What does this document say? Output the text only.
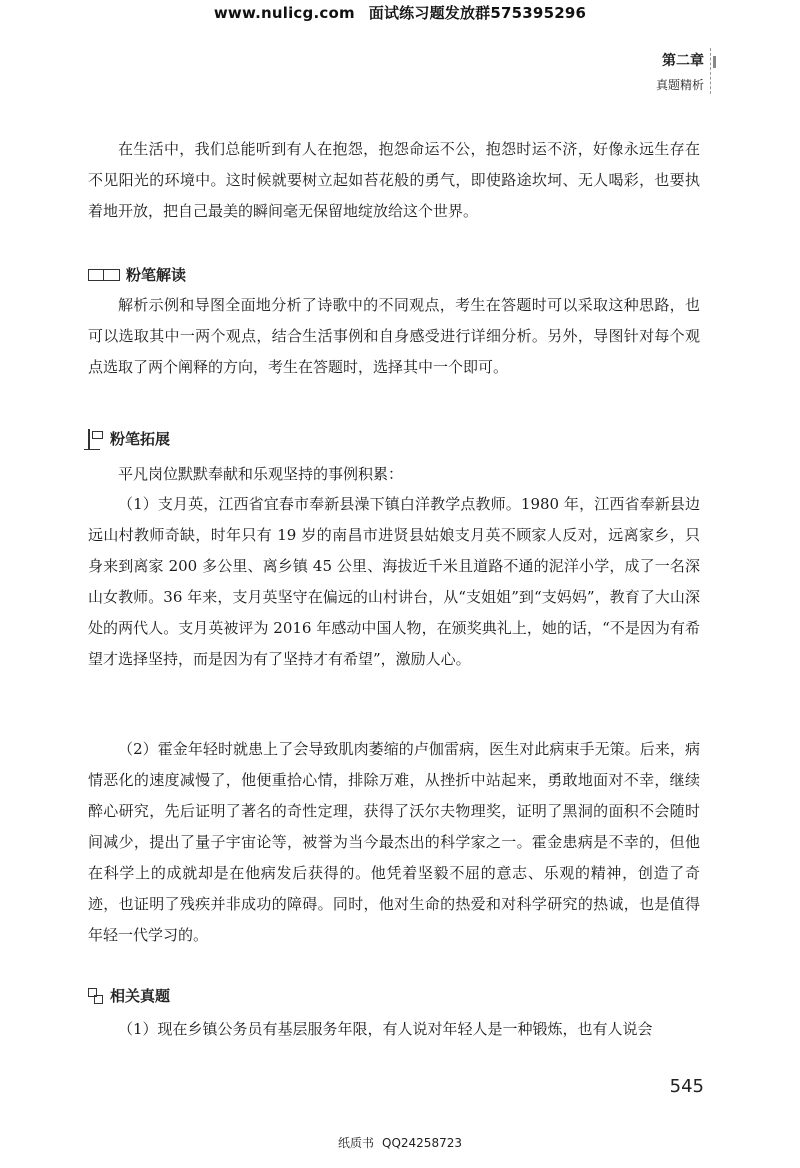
www.nulicg.com 面试练习题发放群575395296
第二章
真题精析

在生活中，我们总能听到有人在抱怨，抱怨命运不公，抱怨时运不济，好像永远生存在不见阳光的环境中。这时候就要树立起如苔花般的勇气，即使路途坎坷、无人喝彩，也要执着地开放，把自己最美的瞬间毫无保留地绽放给这个世界。

粉笔解读

解析示例和导图全面地分析了诗歌中的不同观点，考生在答题时可以采取这种思路，也可以选取其中一两个观点，结合生活事例和自身感受进行详细分析。另外，导图针对每个观点选取了两个阐释的方向，考生在答题时，选择其中一个即可。

粉笔拓展

平凡岗位默默奉献和乐观坚持的事例积累：

（1）支月英，江西省宜春市奉新县澡下镇白洋教学点教师。1980 年，江西省奉新县边远山村教师奇缺，时年只有 19 岁的南昌市进贤县姑娘支月英不顾家人反对，远离家乡，只身来到离家 200 多公里、离乡镇 45 公里、海拔近千米且道路不通的泥洋小学，成了一名深山女教师。36 年来，支月英坚守在偏远的山村讲台，从“支姐姐”到“支妈妈”，教育了大山深处的两代人。支月英被评为 2016 年感动中国人物，在颁奖典礼上，她的话，“不是因为有希望才选择坚持，而是因为有了坚持才有希望”，激励人心。

（2）霍金年轻时就患上了会导致肌肉萎缩的卢伽雷病，医生对此病束手无策。后来，病情恶化的速度减慢了，他便重拾心情，排除万难，从挫折中站起来，勇敢地面对不幸，继续醉心研究，先后证明了著名的奇性定理，获得了沃尔夫物理奖，证明了黑洞的面积不会随时间减少，提出了量子宇宙论等，被誉为当今最杰出的科学家之一。霍金患病是不幸的，但他在科学上的成就却是在他病发后获得的。他凭着坚毅不屈的意志、乐观的精神，创造了奇迹，也证明了残疾并非成功的障碍。同时，他对生命的热爱和对科学研究的热诚，也是值得年轻一代学习的。

相关真题

（1）现在乡镇公务员有基层服务年限，有人说对年轻人是一种锻炼，也有人说会

545
纸质书 QQ24258723
